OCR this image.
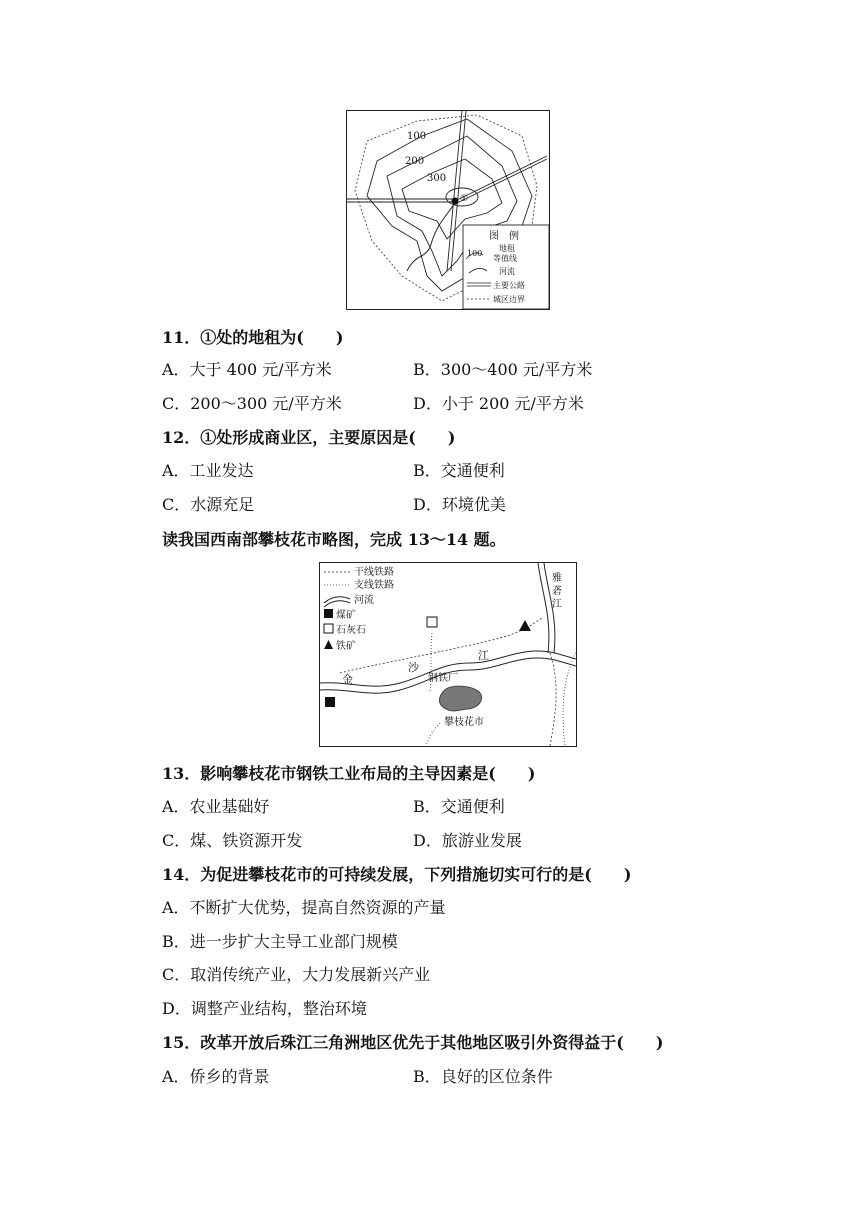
100
200
300
①
图　例
100
地租
等值线
河流
主要公路
城区边界
11．①处的地租为(　　)
A．大于 400 元/平方米	B．300～400 元/平方米
C．200～300 元/平方米	D．小于 200 元/平方米
12．①处形成商业区，主要原因是(　　)
A．工业发达	B．交通便利
C．水源充足	D．环境优美
读我国西南部攀枝花市略图，完成 13～14 题。
干线铁路
支线铁路
河流
煤矿
石灰石
铁矿
金
沙
江
钢铁厂
攀枝花市
雅
砻
江
13．影响攀枝花市钢铁工业布局的主导因素是(　　)
A．农业基础好	B．交通便利
C．煤、铁资源开发	D．旅游业发展
14．为促进攀枝花市的可持续发展，下列措施切实可行的是(　　)
A．不断扩大优势，提高自然资源的产量
B．进一步扩大主导工业部门规模
C．取消传统产业，大力发展新兴产业
D．调整产业结构，整治环境
15．改革开放后珠江三角洲地区优先于其他地区吸引外资得益于(　　)
A．侨乡的背景	B．良好的区位条件
